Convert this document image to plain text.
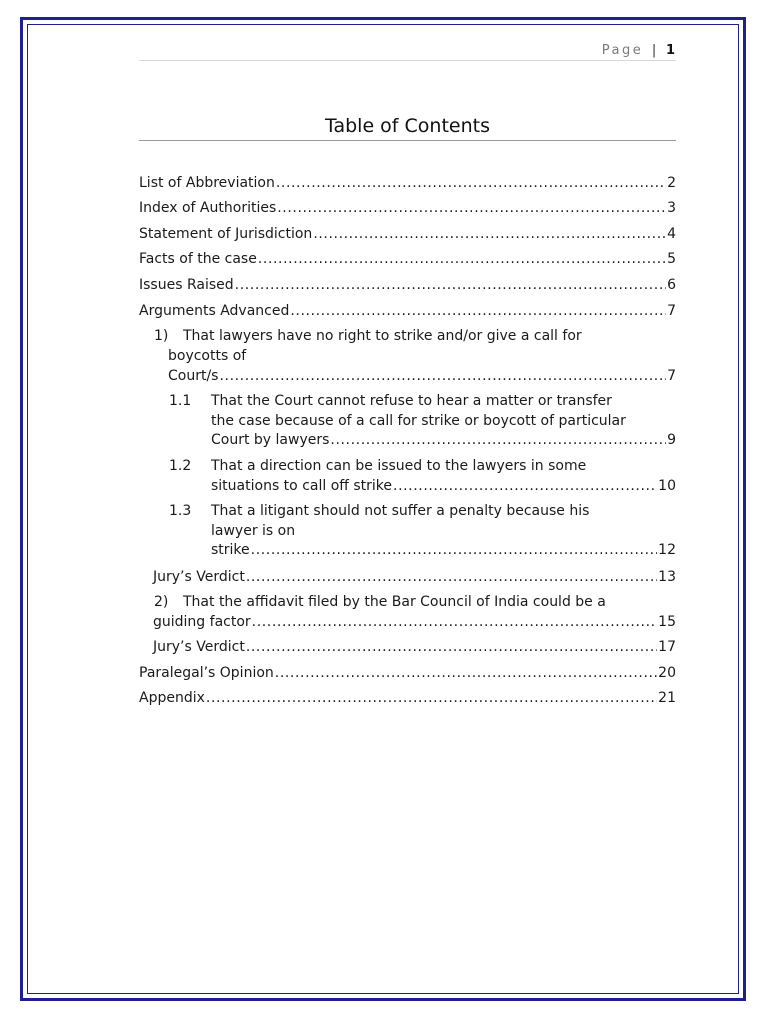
Page | 1
Table of Contents
List of Abbreviation .....	2
Index of Authorities .....	3
Statement of Jurisdiction .....	4
Facts of the case .....	5
Issues Raised .....	6
Arguments Advanced .....	7
1) That lawyers have no right to strike and/or give a call for
boycotts of
Court/s .....	7
1.1 That the Court cannot refuse to hear a matter or transfer
the case because of a call for strike or boycott of particular
Court by lawyers .....	9
1.2 That a direction can be issued to the lawyers in some
situations to call off strike .....	10
1.3 That a litigant should not suffer a penalty because his
lawyer is on
strike .....	12
Jury’s Verdict .....	13
2) That the affidavit filed by the Bar Council of India could be a
guiding factor .....	15
Jury’s Verdict .....	17
Paralegal’s Opinion .....	20
Appendix .....	21
